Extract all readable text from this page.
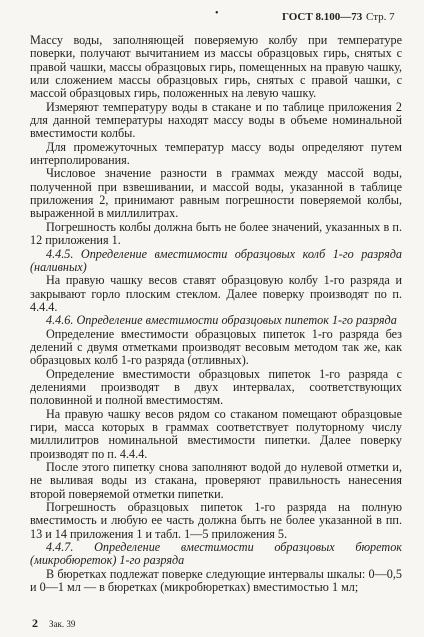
•	ГОСТ 8.100—73 Стр. 7

Массу воды, заполняющей поверяемую колбу при температуре поверки, получают вычитанием из массы образцовых гирь, снятых с правой чашки, массы образцовых гирь, помещенных на правую чашку, или сложением массы образцовых гирь, снятых с правой чашки, с массой образцовых гирь, положенных на левую чашку.

Измеряют температуру воды в стакане и по таблице приложения 2 для данной температуры находят массу воды в объеме номинальной вместимости колбы.

Для промежуточных температур массу воды определяют путем интерполирования.

Числовое значение разности в граммах между массой воды, полученной при взвешивании, и массой воды, указанной в таблице приложения 2, принимают равным погрешности поверяемой колбы, выраженной в миллилитрах.

Погрешность колбы должна быть не более значений, указанных в п. 12 приложения 1.

4.4.5. Определение вместимости образцовых колб 1-го разряда (наливных)

На правую чашку весов ставят образцовую колбу 1-го разряда и закрывают горло плоским стеклом. Далее поверку производят по п. 4.4.4.

4.4.6. Определение вместимости образцовых пипеток 1-го разряда

Определение вместимости образцовых пипеток 1-го разряда без делений с двумя отметками производят весовым методом так же, как образцовых колб 1-го разряда (отливных).

Определение вместимости образцовых пипеток 1-го разряда с делениями производят в двух интервалах, соответствующих половинной и полной вместимостям.

На правую чашку весов рядом со стаканом помещают образцовые гири, масса которых в граммах соответствует полуторному числу миллилитров номинальной вместимости пипетки. Далее поверку производят по п. 4.4.4.

После этого пипетку снова заполняют водой до нулевой отметки и, не выливая воды из стакана, проверяют правильность нанесения второй поверяемой отметки пипетки.

Погрешность образцовых пипеток 1-го разряда на полную вместимость и любую ее часть должна быть не более указанной в пп. 13 и 14 приложения 1 и табл. 1—5 приложения 5.

4.4.7. Определение вместимости образцовых бюреток (микробюреток) 1-го разряда

В бюретках подлежат поверке следующие интервалы шкалы: 0—0,5 и 0—1 мл — в бюретках (микробюретках) вместимостью 1 мл;

2 Зак. 39
